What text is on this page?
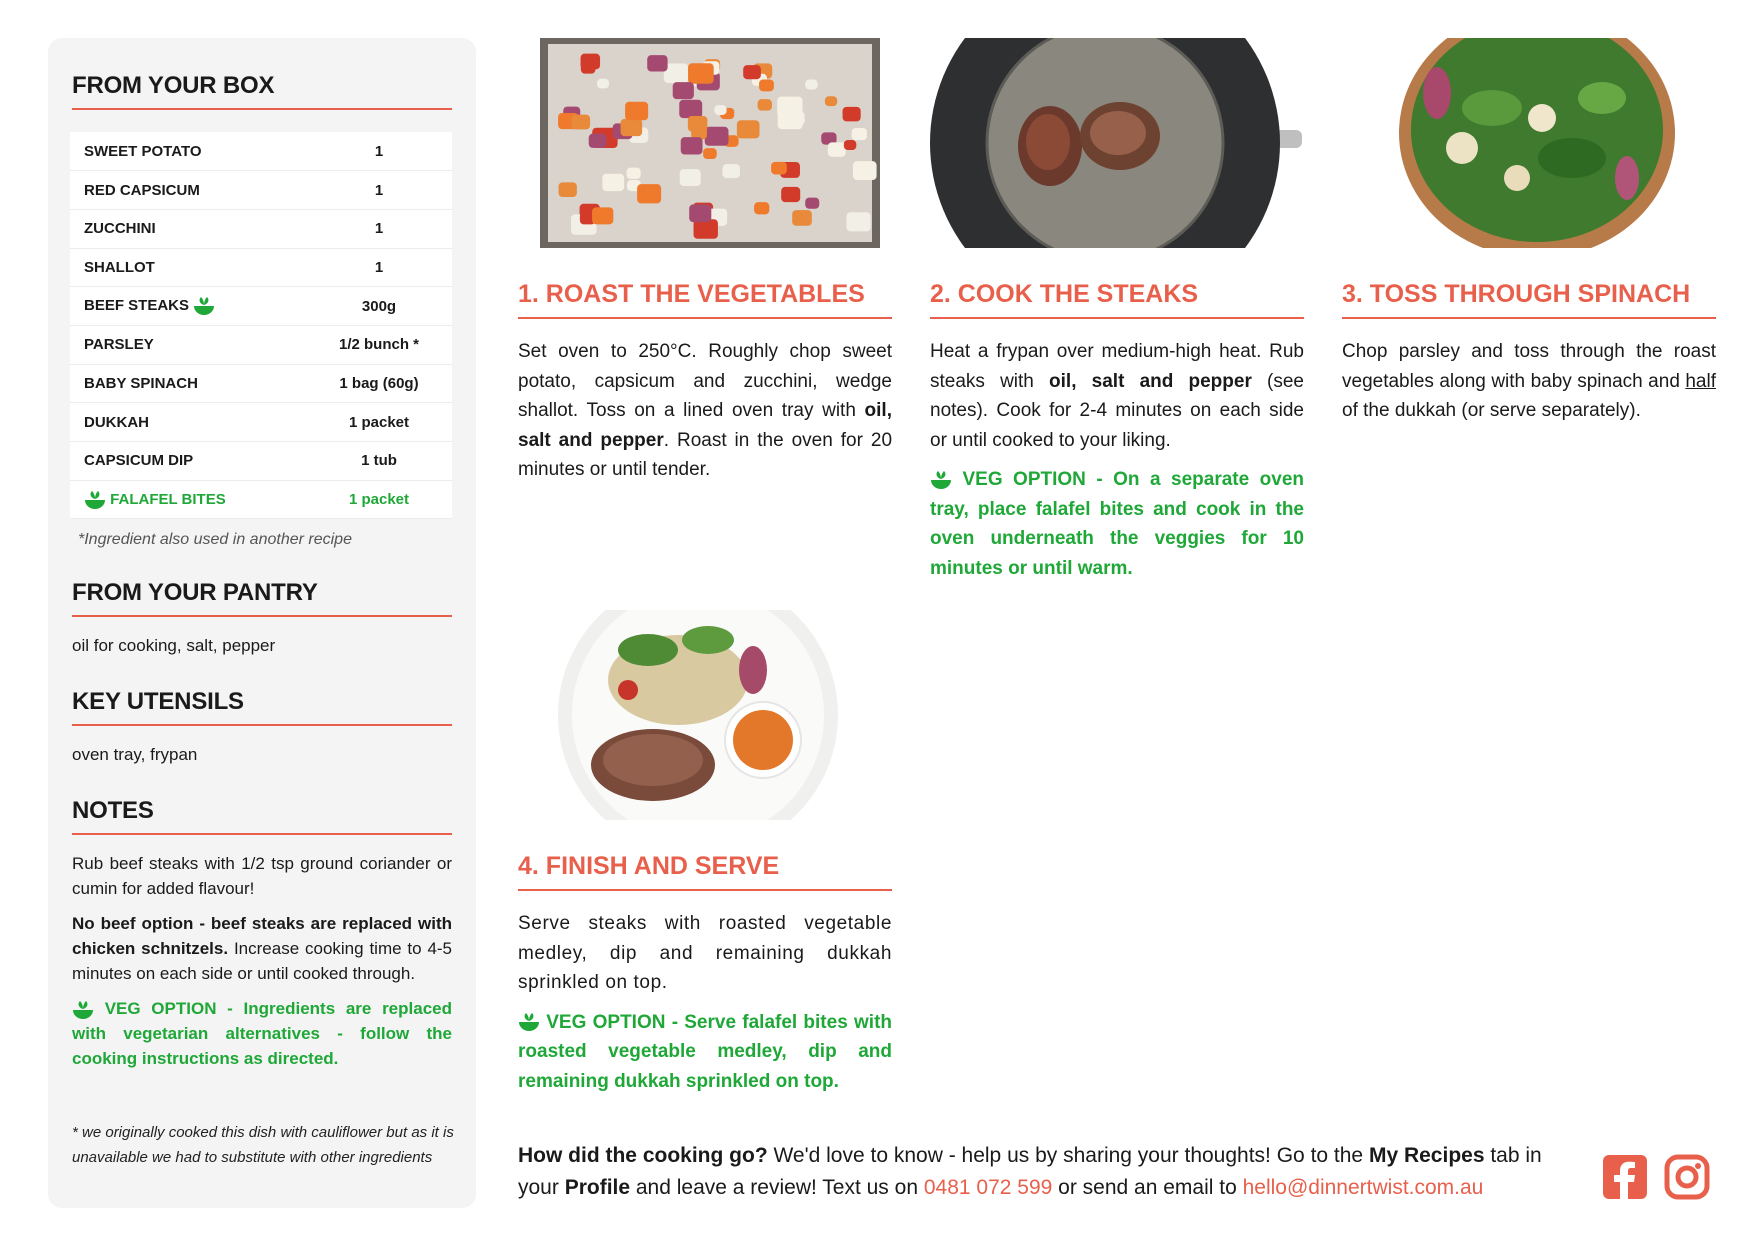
FROM YOUR BOX
SWEET POTATO	1
RED CAPSICUM	1
ZUCCHINI	1
SHALLOT	1
BEEF STEAKS	300g
PARSLEY	1/2 bunch *
BABY SPINACH	1 bag (60g)
DUKKAH	1 packet
CAPSICUM DIP	1 tub
FALAFEL BITES	1 packet
*Ingredient also used in another recipe
FROM YOUR PANTRY
oil for cooking, salt, pepper
KEY UTENSILS
oven tray, frypan
NOTES

Rub beef steaks with 1/2 tsp ground coriander or cumin for added flavour!

No beef option - beef steaks are replaced with chicken schnitzels. Increase cooking time to 4-5 minutes on each side or until cooked through.

VEG OPTION - Ingredients are replaced with vegetarian alternatives - follow the cooking instructions as directed.

* we originally cooked this dish with cauliflower but as it is unavailable we had to substitute with other ingredients
1. ROAST THE VEGETABLES
Set oven to 250°C. Roughly chop sweet potato, capsicum and zucchini, wedge shallot. Toss on a lined oven tray with oil, salt and pepper. Roast in the oven for 20 minutes or until tender.
2. COOK THE STEAKS
Heat a frypan over medium-high heat. Rub steaks with oil, salt and pepper (see notes). Cook for 2-4 minutes on each side or until cooked to your liking.
VEG OPTION - On a separate oven tray, place falafel bites and cook in the oven underneath the veggies for 10 minutes or until warm.
3. TOSS THROUGH SPINACH
Chop parsley and toss through the roast vegetables along with baby spinach and half of the dukkah (or serve separately).
4. FINISH AND SERVE
Serve steaks with roasted vegetable medley, dip and remaining dukkah sprinkled on top.
VEG OPTION - Serve falafel bites with roasted vegetable medley, dip and remaining dukkah sprinkled on top.
How did the cooking go? We'd love to know - help us by sharing your thoughts! Go to the My Recipes tab in your Profile and leave a review! Text us on 0481 072 599 or send an email to hello@dinnertwist.com.au
